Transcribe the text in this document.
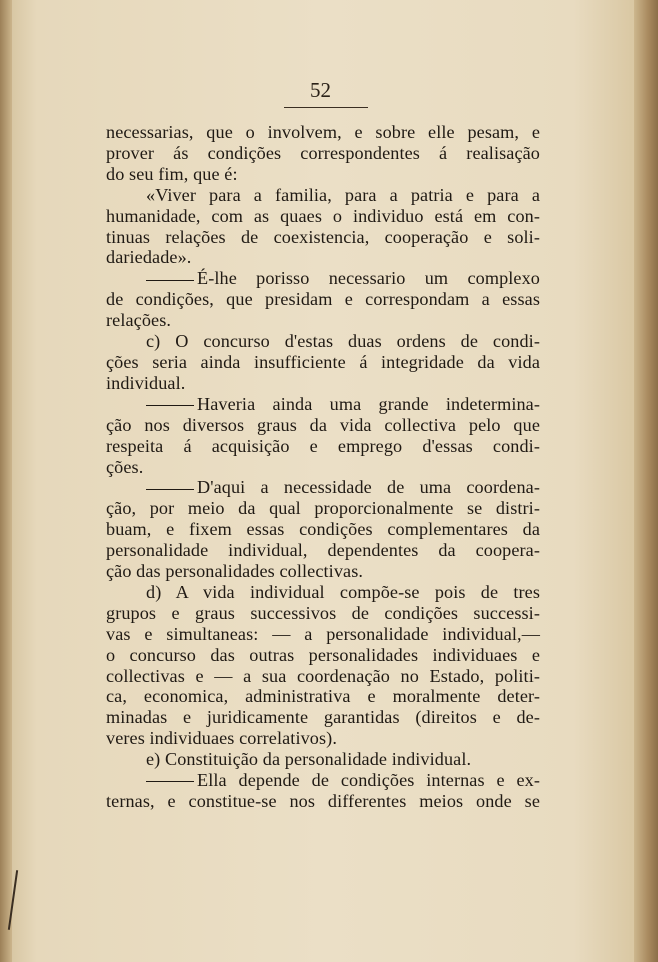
52
necessarias, que o involvem, e sobre elle pesam, e
prover ás condições correspondentes á realisação
do seu fim, que é:
«Viver para a familia, para a patria e para a
humanidade, com as quaes o individuo está em con-
tinuas relações de coexistencia, cooperação e soli-
dariedade».
É-lhe porisso necessario um complexo
de condições, que presidam e correspondam a essas
relações.
c) O concurso d'estas duas ordens de condi-
ções seria ainda insufficiente á integridade da vida
individual.
Haveria ainda uma grande indetermina-
ção nos diversos graus da vida collectiva pelo que
respeita á acquisição e emprego d'essas condi-
ções.
D'aqui a necessidade de uma coordena-
ção, por meio da qual proporcionalmente se distri-
buam, e fixem essas condições complementares da
personalidade individual, dependentes da coopera-
ção das personalidades collectivas.
d) A vida individual compõe-se pois de tres
grupos e graus successivos de condições successi-
vas e simultaneas: — a personalidade individual,—
o concurso das outras personalidades individuaes e
collectivas e — a sua coordenação no Estado, politi-
ca, economica, administrativa e moralmente deter-
minadas e juridicamente garantidas (direitos e de-
veres individuaes correlativos).
e) Constituição da personalidade individual.
Ella depende de condições internas e ex-
ternas, e constitue-se nos differentes meios onde se
